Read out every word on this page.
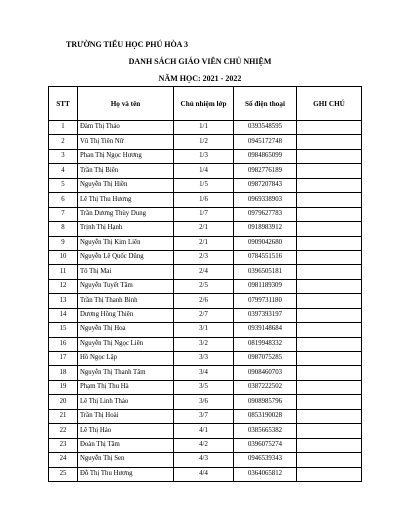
TRƯỜNG TIỂU HỌC PHÚ HÒA 3
DANH SÁCH GIÁO VIÊN CHỦ NHIỆM
NĂM HỌC: 2021 - 2022
STT	Họ và tên	Chủ nhiệm lớp	Số điện thoại	GHI CHÚ
1	Đàm Thị Thảo	1/1	0393548595	
2	Vũ Thị Tiên Nữ	1/2	0945172748	
3	Phan Thị Ngọc Hương	1/3	0984865099	
4	Trần Thị Biên	1/4	0982776189	
5	Nguyễn Thị Hiền	1/5	0987207843	
6	Lê Thị Thu Hương	1/6	0969338903	
7	Trần Dương Thùy Dung	1/7	0979627783	
8	Trịnh Thị Hạnh	2/1	0918983912	
9	Nguyễn Thị Kim Liên	2/1	0909042680	
10	Nguyễn Lê Quốc Dũng	2/3	0784551516	
11	Tô Thị Mai	2/4	0396505181	
12	Nguyễn Tuyết Tâm	2/5	0981189309	
13	Trần Thị Thanh Bình	2/6	0799731180	
14	Dương Hồng Thiên	2/7	0397393197	
15	Nguyễn Thị Hoa	3/1	0939148684	
16	Nguyễn Thị Ngọc Liên	3/2	0819948332	
17	Hồ Ngọc Lập	3/3	0987075285	
18	Nguyễn Thị Thanh Tâm	3/4	0908460703	
19	Phạm Thị Thu Hà	3/5	0387222502	
20	Lê Thị Linh Thảo	3/6	0908985796	
21	Trần Thị Hoài	3/7	0853190028	
22	Lê Thị Hảo	4/1	0385665382	
23	Đoàn Thị Tâm	4/2	0396075274	
24	Nguyễn Thị Sen	4/3	0946539343	
25	Đỗ Thị Thu Hương	4/4	0364065812	
